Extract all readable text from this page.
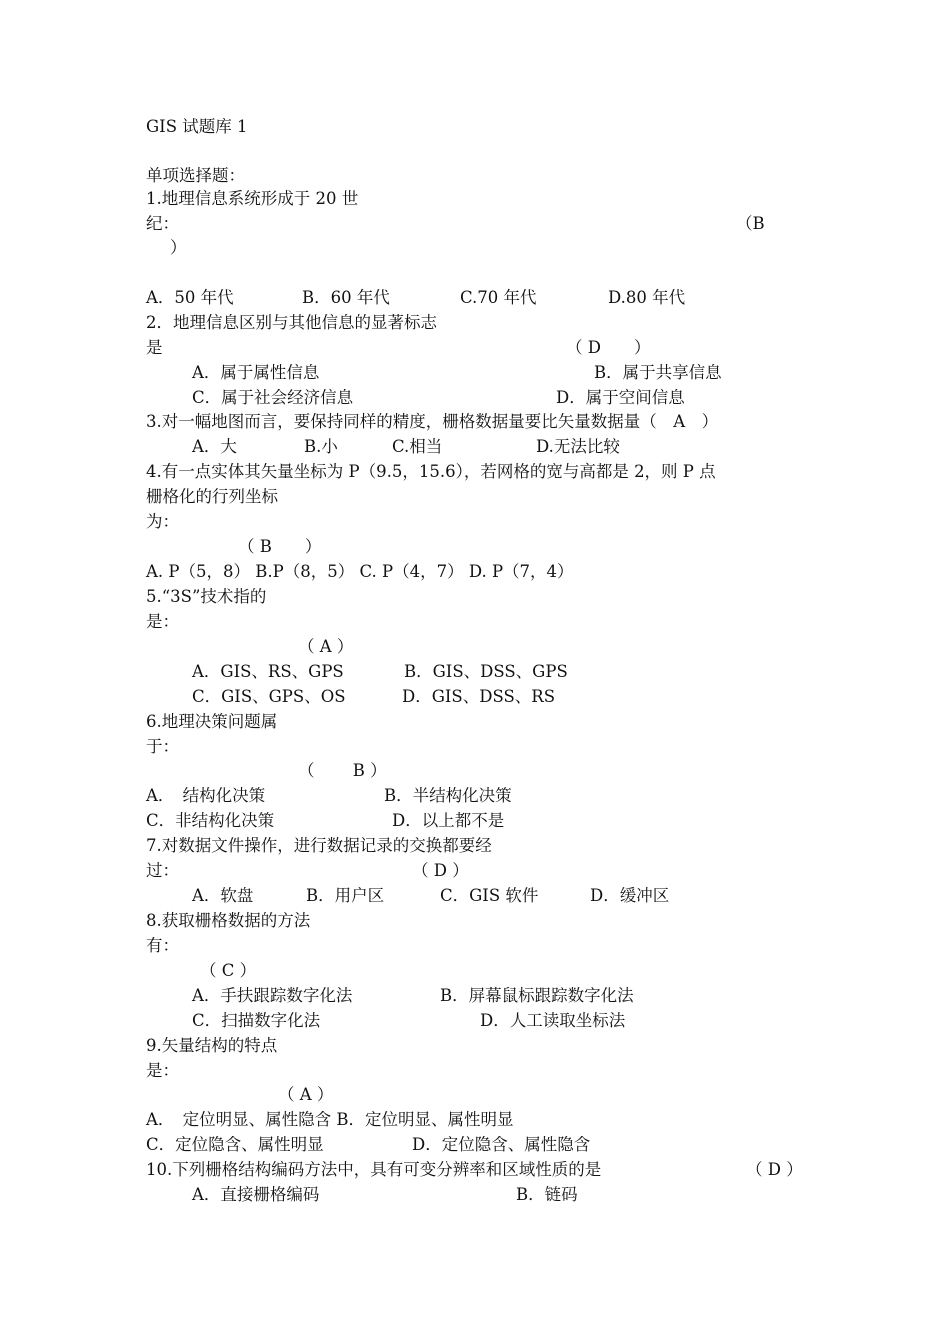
GIS 试题库 1
单项选择题：
1.地理信息系统形成于 20 世
纪：	（B
）
A．50 年代	B．60 年代	C.70 年代	D.80 年代
2．地理信息区别与其他信息的显著标志
是	（ D　　）
A．属于属性信息	B．属于共享信息
C．属于社会经济信息	D．属于空间信息
3.对一幅地图而言，要保持同样的精度，栅格数据量要比矢量数据量（　A　）
A．大	B.小	C.相当	D.无法比较
4.有一点实体其矢量坐标为 P（9.5，15.6），若网格的宽与高都是 2，则 P 点
栅格化的行列坐标
为：
（ B　　）
A. P（5，8） B.P（8，5） C. P（4，7） D. P（7，4）
5.“3S”技术指的
是：
（ A ）
A．GIS、RS、GPS	B．GIS、DSS、GPS
C．GIS、GPS、OS	D．GIS、DSS、RS
6.地理决策问题属
于：
（　　 B ）
A．　结构化决策	B．半结构化决策
C．非结构化决策	D．以上都不是
7.对数据文件操作，进行数据记录的交换都要经
过：	（ D ）
A．软盘	B．用户区	C．GIS 软件	D．缓冲区
8.获取栅格数据的方法
有：
（ C ）
A．手扶跟踪数字化法	B．屏幕鼠标跟踪数字化法
C．扫描数字化法	D．人工读取坐标法
9.矢量结构的特点
是：
（ A ）
A．　定位明显、属性隐含 B．定位明显、属性明显
C．定位隐含、属性明显	D．定位隐含、属性隐含
10.下列栅格结构编码方法中，具有可变分辨率和区域性质的是	（ D ）
A．直接栅格编码	B．链码
